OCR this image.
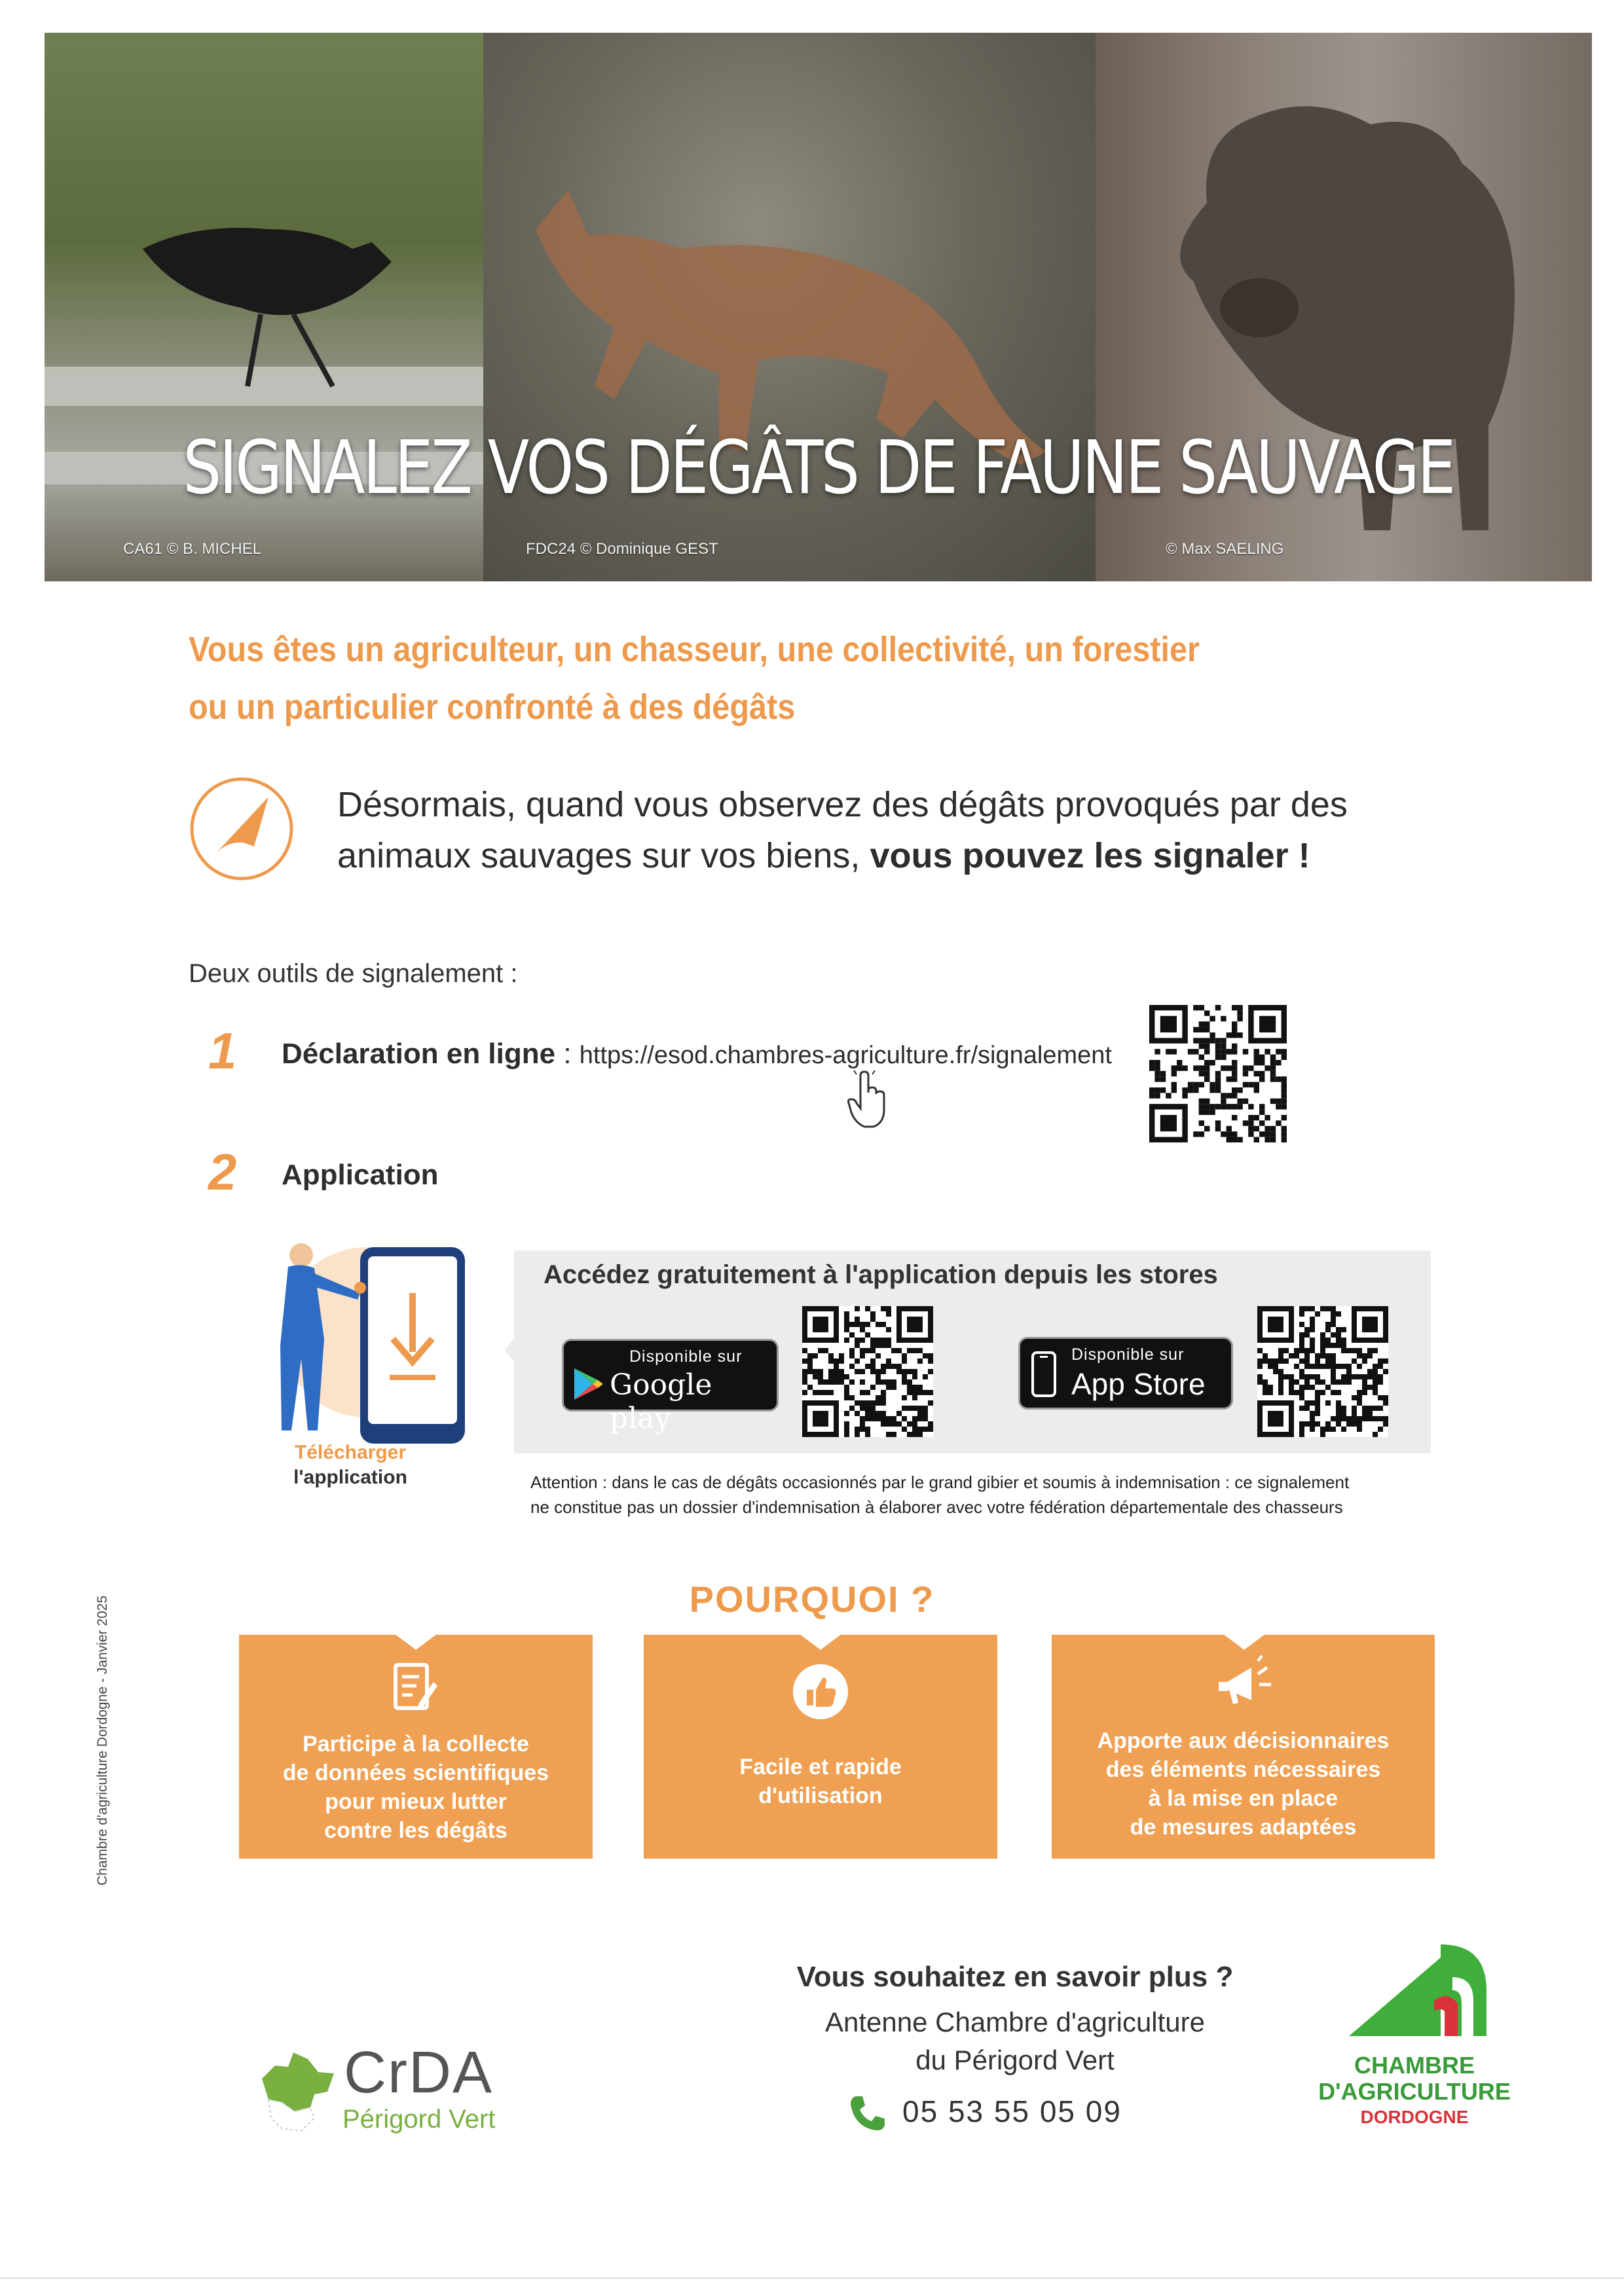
SIGNALEZ VOS DÉGÂTS DE FAUNE SAUVAGE
CA61 © B. MICHEL	FDC24 © Dominique GEST	© Max SAELING
Vous êtes un agriculteur, un chasseur, une collectivité, un forestier
ou un particulier confronté à des dégâts
Désormais, quand vous observez des dégâts provoqués par des
animaux sauvages sur vos biens, vous pouvez les signaler !
Deux outils de signalement :
1 Déclaration en ligne : https://esod.chambres-agriculture.fr/signalement
2 Application
Télécharger
l'application
Accédez gratuitement à l'application depuis les stores
Disponible sur
Google play
Disponible sur
App Store
Attention : dans le cas de dégâts occasionnés par le grand gibier et soumis à indemnisation : ce signalement
ne constitue pas un dossier d'indemnisation à élaborer avec votre fédération départementale des chasseurs
Chambre d'agriculture Dordogne - Janvier 2025	POURQUOI ?
Participe à la collecte
de données scientifiques
pour mieux lutter
contre les dégâts
Facile et rapide
d'utilisation
Apporte aux décisionnaires
des éléments nécessaires
à la mise en place
de mesures adaptées
CrDA
Périgord Vert
Vous souhaitez en savoir plus ?
Antenne Chambre d'agriculture
du Périgord Vert
05 53 55 05 09
CHAMBRE
D'AGRICULTURE
DORDOGNE
